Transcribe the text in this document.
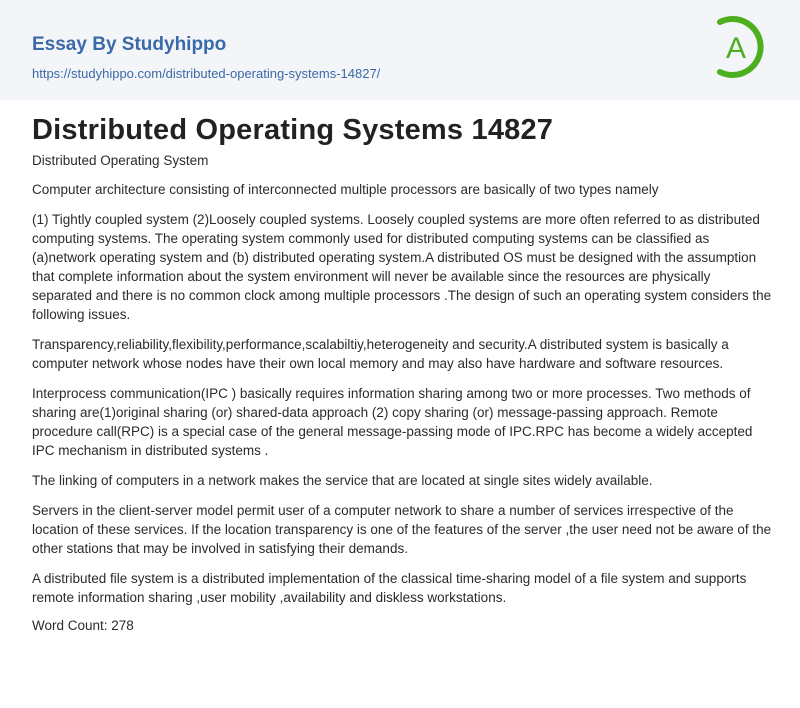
Essay By Studyhippo
https://studyhippo.com/distributed-operating-systems-14827/
A
Distributed Operating Systems 14827
Distributed Operating System

Computer architecture consisting of interconnected multiple processors are basically of two types namely

(1) Tightly coupled system (2)Loosely coupled systems. Loosely coupled systems are more often referred to as distributed computing systems. The operating system commonly used for distributed computing systems can be classified as (a)network operating system and (b) distributed operating system.A distributed OS must be designed with the assumption that complete information about the system environment will never be available since the resources are physically separated and there is no common clock among multiple processors .The design of such an operating system considers the following issues.

Transparency,reliability,flexibility,performance,scalabiltiy,heterogeneity and security.A distributed system is basically a computer network whose nodes have their own local memory and may also have hardware and software resources.

Interprocess communication(IPC ) basically requires information sharing among two or more processes. Two methods of sharing are(1)original sharing (or) shared-data approach (2) copy sharing (or) message-passing approach. Remote procedure call(RPC) is a special case of the general message-passing mode of IPC.RPC has become a widely accepted IPC mechanism in distributed systems .

The linking of computers in a network makes the service that are located at single sites widely available.

Servers in the client-server model permit user of a computer network to share a number of services irrespective of the location of these services. If the location transparency is one of the features of the server ,the user need not be aware of the other stations that may be involved in satisfying their demands.

A distributed file system is a distributed implementation of the classical time-sharing model of a file system and supports remote information sharing ,user mobility ,availability and diskless workstations.

Word Count: 278
